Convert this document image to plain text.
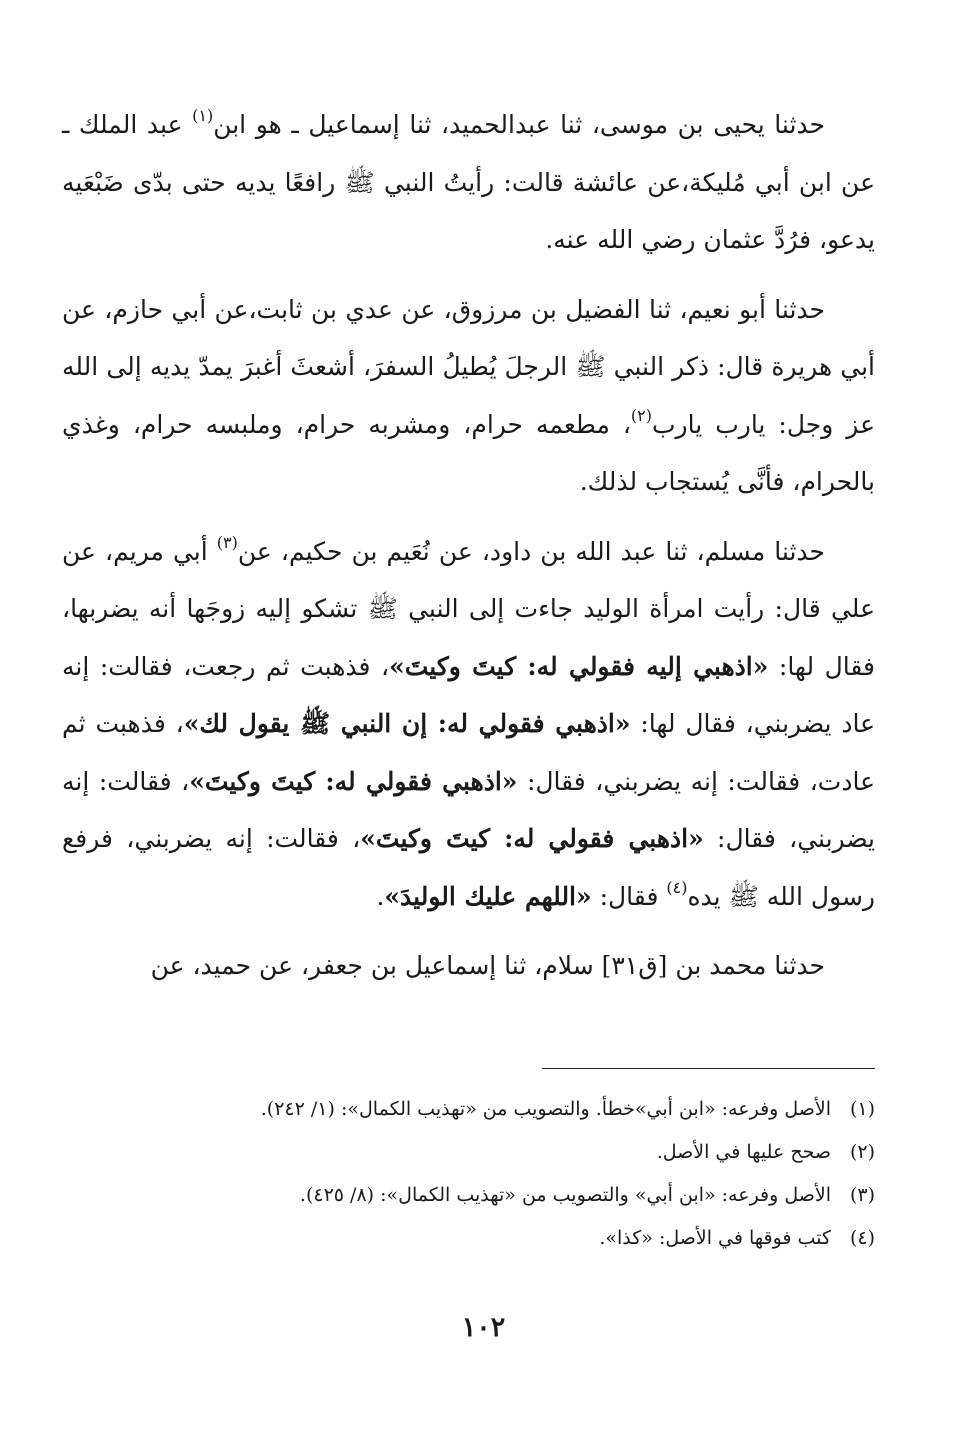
حدثنا يحيى بن موسى، ثنا عبدالحميد، ثنا إسماعيل ـ هو ابن$^{(١)}$ عبد الملك ـ عن ابن أبي مُليكة،عن عائشة قالت: رأيتُ النبي ﷺ رافعًا يديه حتى بدّى ضَبْعَيه يدعو، فرُدَّ عثمان رضي الله عنه.

حدثنا أبو نعيم، ثنا الفضيل بن مرزوق، عن عدي بن ثابت،عن أبي حازم، عن أبي هريرة قال: ذكر النبي ﷺ الرجلَ يُطيلُ السفرَ، أشعثَ أغبرَ يمدّ يديه إلى الله عز وجل: يارب يارب$^{(٢)}$، مطعمه حرام، ومشربه حرام، وملبسه حرام، وغذي بالحرام، فأنَّى يُستجاب لذلك.

حدثنا مسلم، ثنا عبد الله بن داود، عن نُعَيم بن حكيم، عن$^{(٣)}$ أبي مريم، عن علي قال: رأيت امرأة الوليد جاءت إلى النبي ﷺ تشكو إليه زوجَها أنه يضربها، فقال لها: «اذهبي إليه فقولي له: كيتَ وكيتَ»، فذهبت ثم رجعت، فقالت: إنه عاد يضربني، فقال لها: «اذهبي فقولي له: إن النبي ﷺ يقول لك»، فذهبت ثم عادت، فقالت: إنه يضربني، فقال: «اذهبي فقولي له: كيتَ وكيتَ»، فقالت: إنه يضربني، فقال: «اذهبي فقولي له: كيتَ وكيتَ»، فقالت: إنه يضربني، فرفع رسول الله ﷺ يده$^{(٤)}$ فقال: «اللهم عليك الوليدَ».

حدثنا محمد بن [ق٣١] سلام، ثنا إسماعيل بن جعفر، عن حميد، عن

(١)
الأصل وفرعه: «ابن أبي»خطأ. والتصويب من «تهذيب الكمال»: (١/ ٢٤٢).
(٢)
صحح عليها في الأصل.
(٣)
الأصل وفرعه: «ابن أبي» والتصويب من «تهذيب الكمال»: (٨/ ٤٢٥).
(٤)
كتب فوقها في الأصل: «كذا».
١٠٢
